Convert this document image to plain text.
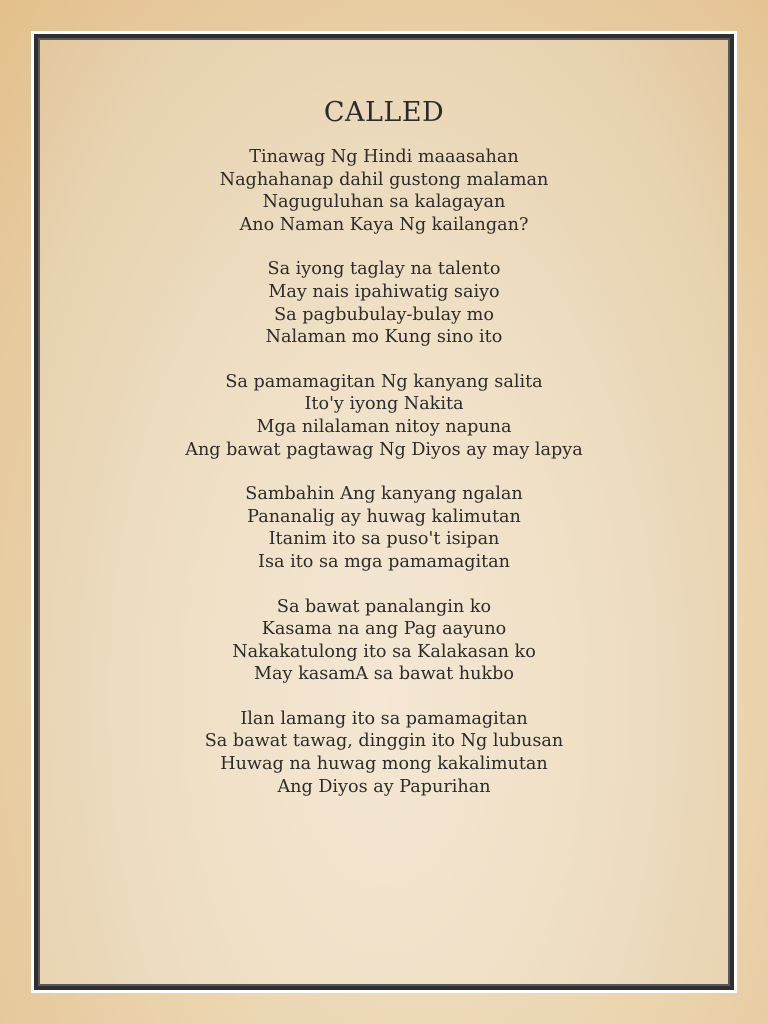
CALLED
Tinawag Ng Hindi maaasahan
Naghahanap dahil gustong malaman
Naguguluhan sa kalagayan
Ano Naman Kaya Ng kailangan?
Sa iyong taglay na talento
May nais ipahiwatig saiyo
Sa pagbubulay-bulay mo
Nalaman mo Kung sino ito
Sa pamamagitan Ng kanyang salita
Ito'y iyong Nakita
Mga nilalaman nitoy napuna
Ang bawat pagtawag Ng Diyos ay may lapya
Sambahin Ang kanyang ngalan
Pananalig ay huwag kalimutan
Itanim ito sa puso't isipan
Isa ito sa mga pamamagitan
Sa bawat panalangin ko
Kasama na ang Pag aayuno
Nakakatulong ito sa Kalakasan ko
May kasamA sa bawat hukbo
Ilan lamang ito sa pamamagitan
Sa bawat tawag, dinggin ito Ng lubusan
Huwag na huwag mong kakalimutan
Ang Diyos ay Papurihan
